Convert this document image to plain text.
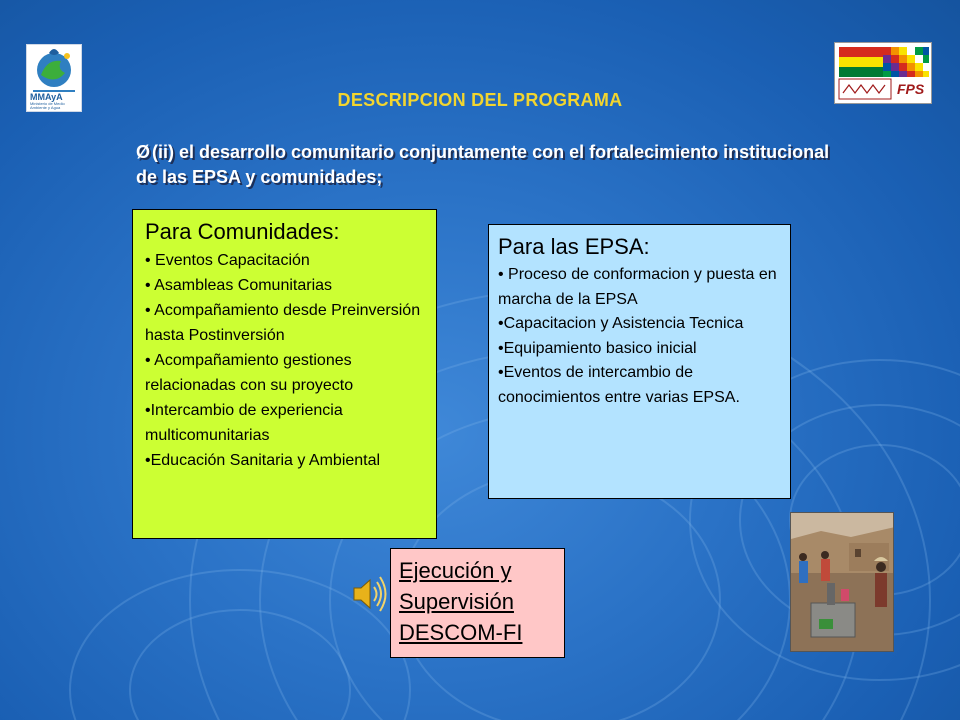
MMAyA
Ministerio de Medio Ambiente y Agua
FPS
DESCRIPCION DEL PROGRAMA
Ø (ii) el desarrollo comunitario conjuntamente con el fortalecimiento institucional de las EPSA y comunidades;
Para Comunidades:
• Eventos Capacitación
• Asambleas Comunitarias
• Acompañamiento desde Preinversión hasta Postinversión
• Acompañamiento gestiones relacionadas con su proyecto
•Intercambio de experiencia multicomunitarias
•Educación Sanitaria y Ambiental
Para las EPSA:
• Proceso de conformacion y puesta en marcha de la EPSA
•Capacitacion y Asistencia Tecnica
•Equipamiento basico inicial
•Eventos de intercambio de conocimientos entre varias EPSA.
Ejecución y
Supervisión
DESCOM-FI
